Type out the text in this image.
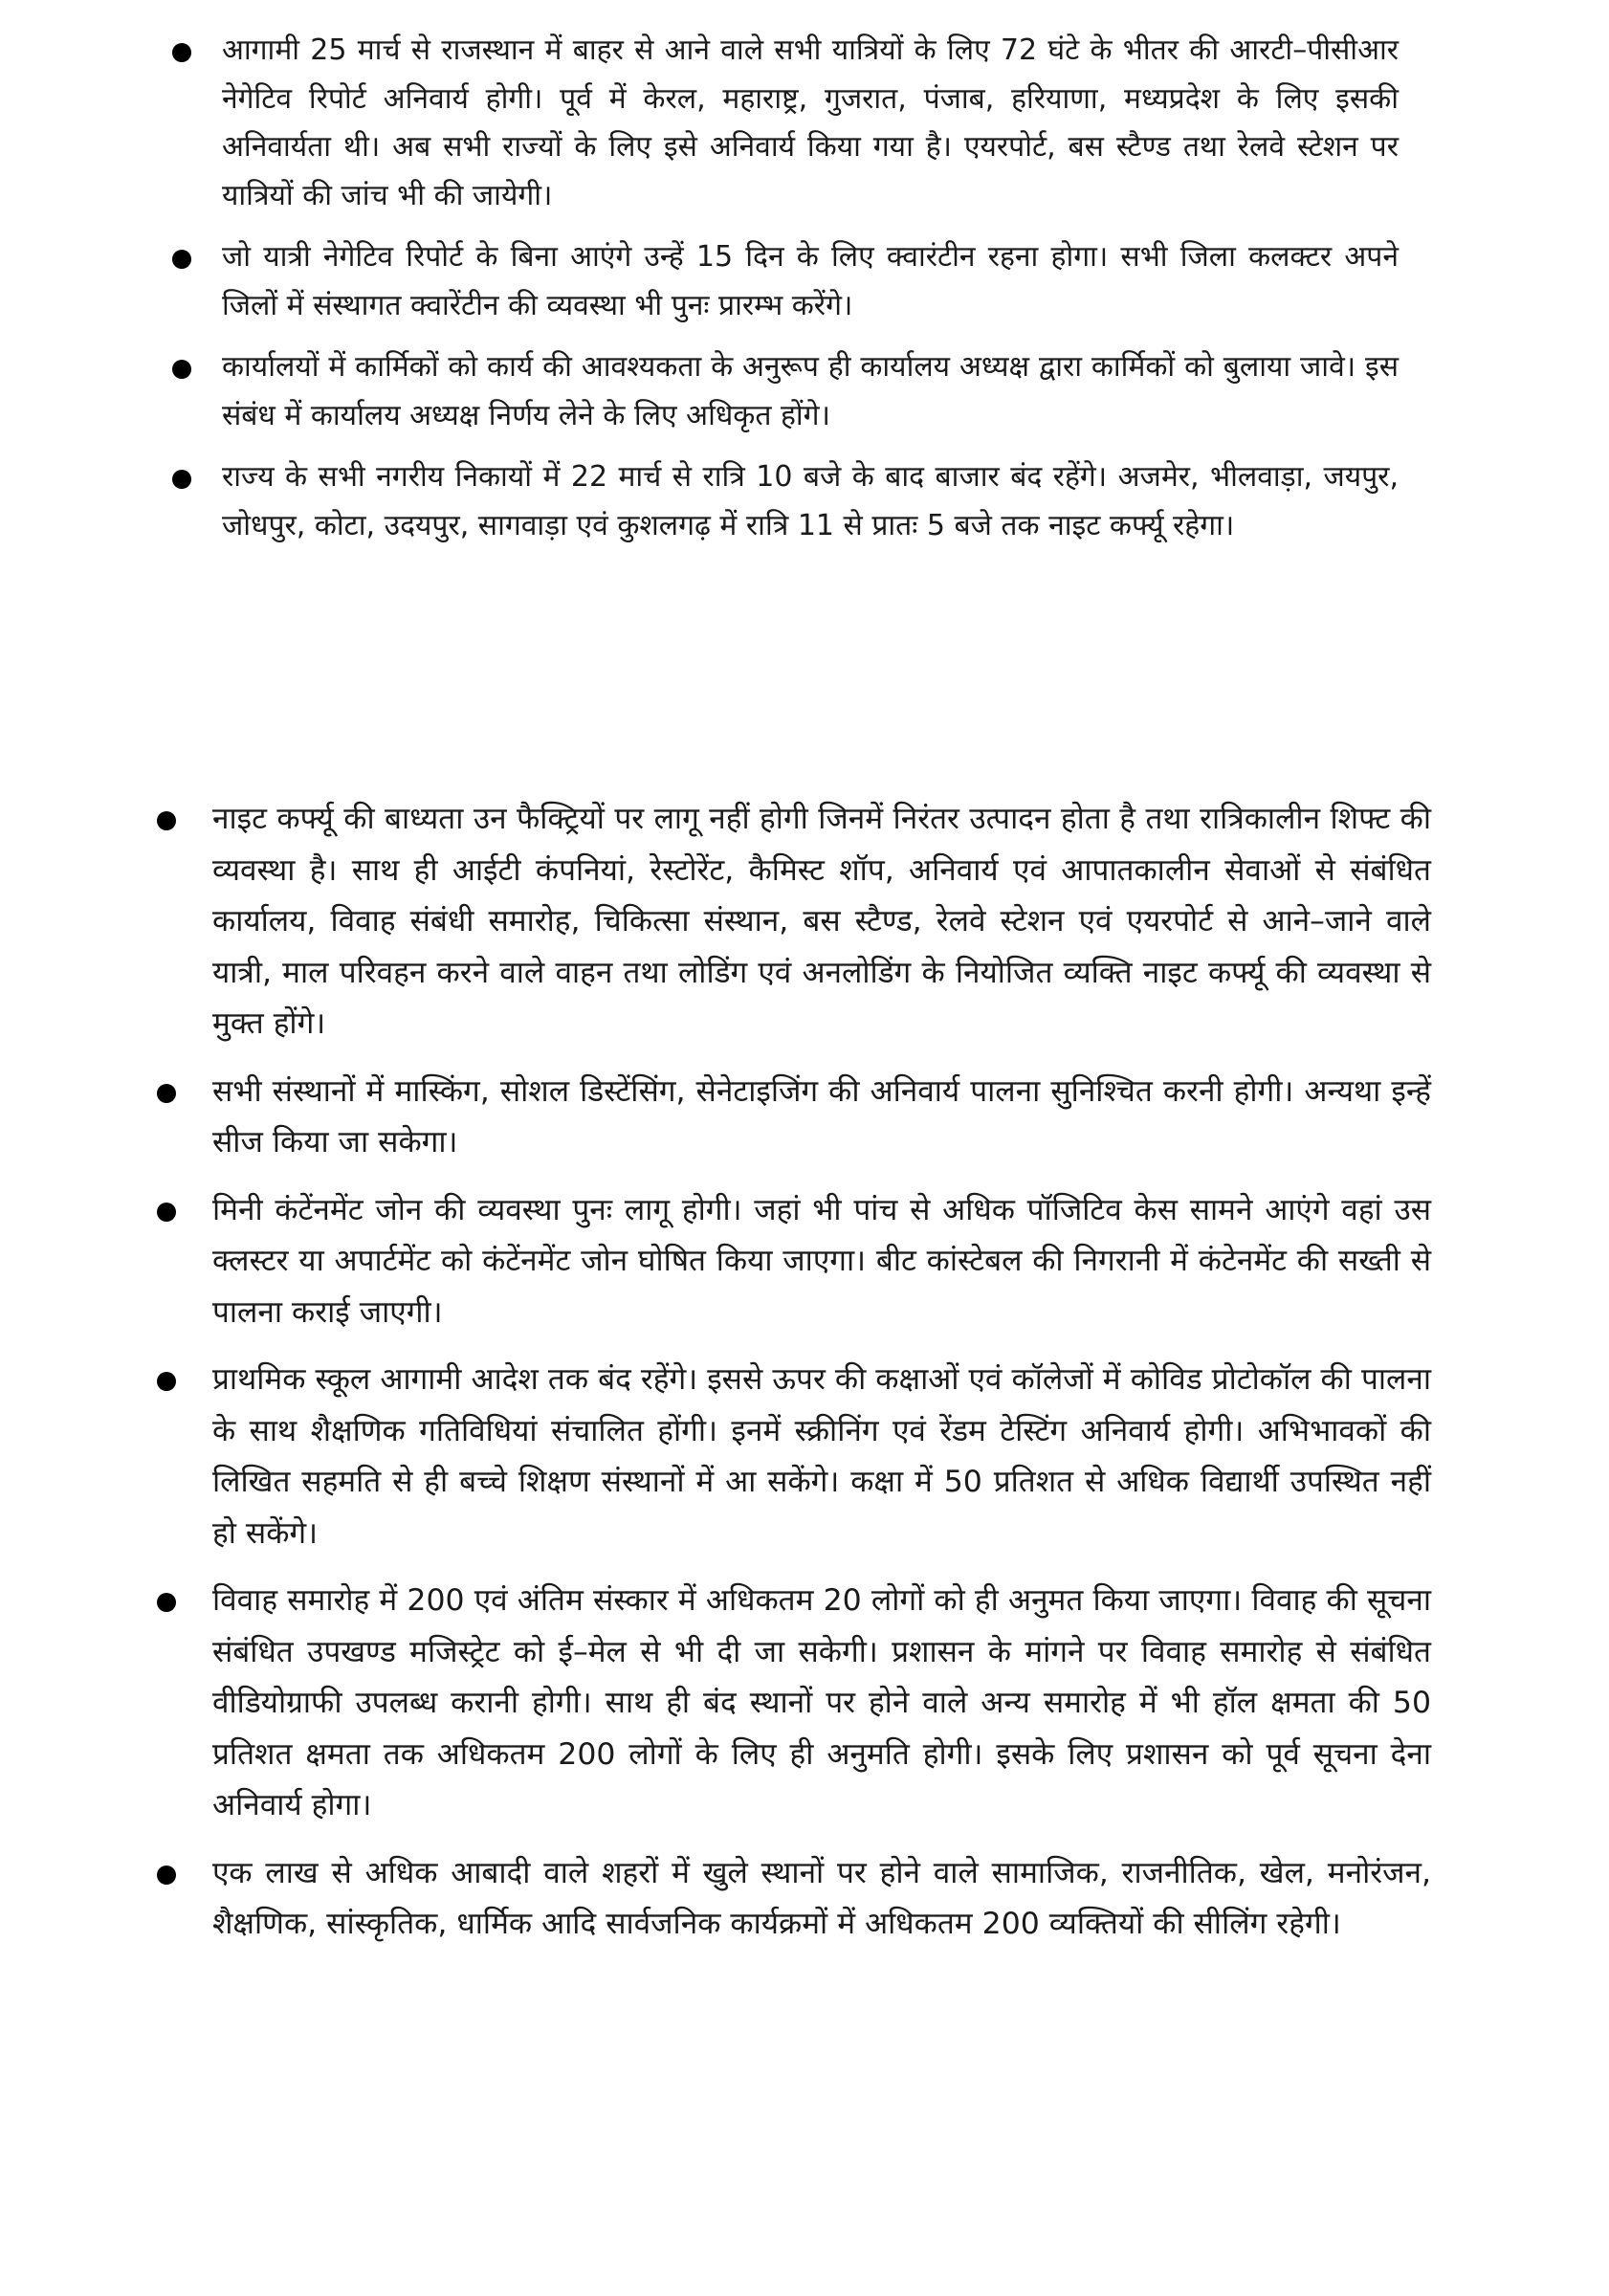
आगामी 25 मार्च से राजस्थान में बाहर से आने वाले सभी यात्रियों के लिए 72 घंटे के भीतर की आरटी–पीसीआर नेगेटिव रिपोर्ट अनिवार्य होगी। पूर्व में केरल, महाराष्ट्र, गुजरात, पंजाब, हरियाणा, मध्यप्रदेश के लिए इसकी अनिवार्यता थी। अब सभी राज्यों के लिए इसे अनिवार्य किया गया है। एयरपोर्ट, बस स्टैण्ड तथा रेलवे स्टेशन पर यात्रियों की जांच भी की जायेगी।
जो यात्री नेगेटिव रिपोर्ट के बिना आएंगे उन्हें 15 दिन के लिए क्वारंटीन रहना होगा। सभी जिला कलक्टर अपने जिलों में संस्थागत क्वारेंटीन की व्यवस्था भी पुनः प्रारम्भ करेंगे।
कार्यालयों में कार्मिकों को कार्य की आवश्यकता के अनुरूप ही कार्यालय अध्यक्ष द्वारा कार्मिकों को बुलाया जावे। इस संबंध में कार्यालय अध्यक्ष निर्णय लेने के लिए अधिकृत होंगे।
राज्य के सभी नगरीय निकायों में 22 मार्च से रात्रि 10 बजे के बाद बाजार बंद रहेंगे। अजमेर, भीलवाड़ा, जयपुर, जोधपुर, कोटा, उदयपुर, सागवाड़ा एवं कुशलगढ़ में रात्रि 11 से प्रातः 5 बजे तक नाइट कर्फ्यू रहेगा।
नाइट कर्फ्यू की बाध्यता उन फैक्ट्रियों पर लागू नहीं होगी जिनमें निरंतर उत्पादन होता है तथा रात्रिकालीन शिफ्ट की व्यवस्था है। साथ ही आईटी कंपनियां, रेस्टोरेंट, कैमिस्ट शॉप, अनिवार्य एवं आपातकालीन सेवाओं से संबंधित कार्यालय, विवाह संबंधी समारोह, चिकित्सा संस्थान, बस स्टैण्ड, रेलवे स्टेशन एवं एयरपोर्ट से आने–जाने वाले यात्री, माल परिवहन करने वाले वाहन तथा लोडिंग एवं अनलोडिंग के नियोजित व्यक्ति नाइट कर्फ्यू की व्यवस्था से मुक्त होंगे।
सभी संस्थानों में मास्किंग, सोशल डिस्टेंसिंग, सेनेटाइजिंग की अनिवार्य पालना सुनिश्चित करनी होगी। अन्यथा इन्हें सीज किया जा सकेगा।
मिनी कंटेंनमेंट जोन की व्यवस्था पुनः लागू होगी। जहां भी पांच से अधिक पॉजिटिव केस सामने आएंगे वहां उस क्लस्टर या अपार्टमेंट को कंटेंनमेंट जोन घोषित किया जाएगा। बीट कांस्टेबल की निगरानी में कंटेनमेंट की सख्ती से पालना कराई जाएगी।
प्राथमिक स्कूल आगामी आदेश तक बंद रहेंगे। इससे ऊपर की कक्षाओं एवं कॉलेजों में कोविड प्रोटोकॉल की पालना के साथ शैक्षणिक गतिविधियां संचालित होंगी। इनमें स्क्रीनिंग एवं रेंडम टेस्टिंग अनिवार्य होगी। अभिभावकों की लिखित सहमति से ही बच्चे शिक्षण संस्थानों में आ सकेंगे। कक्षा में 50 प्रतिशत से अधिक विद्यार्थी उपस्थित नहीं हो सकेंगे।
विवाह समारोह में 200 एवं अंतिम संस्कार में अधिकतम 20 लोगों को ही अनुमत किया जाएगा। विवाह की सूचना संबंधित उपखण्ड मजिस्ट्रेट को ई–मेल से भी दी जा सकेगी। प्रशासन के मांगने पर विवाह समारोह से संबंधित वीडियोग्राफी उपलब्ध करानी होगी। साथ ही बंद स्थानों पर होने वाले अन्य समारोह में भी हॉल क्षमता की 50 प्रतिशत क्षमता तक अधिकतम 200 लोगों के लिए ही अनुमति होगी। इसके लिए प्रशासन को पूर्व सूचना देना अनिवार्य होगा।
एक लाख से अधिक आबादी वाले शहरों में खुले स्थानों पर होने वाले सामाजिक, राजनीतिक, खेल, मनोरंजन, शैक्षणिक, सांस्कृतिक, धार्मिक आदि सार्वजनिक कार्यक्रमों में अधिकतम 200 व्यक्तियों की सीलिंग रहेगी।
